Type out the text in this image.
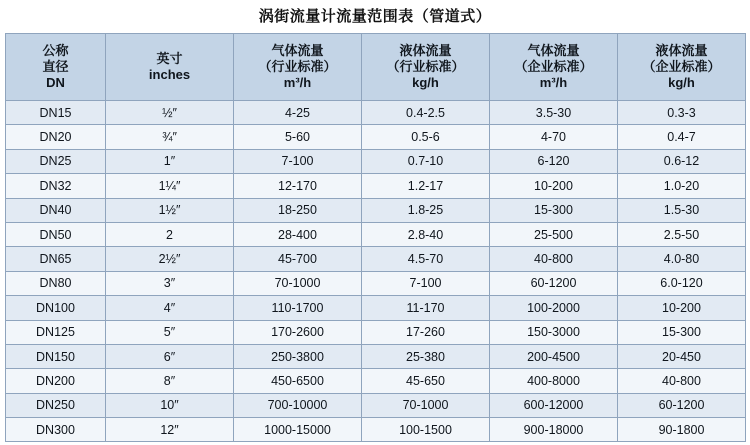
涡街流量计流量范围表（管道式）
公称
直径
DN	英寸
inches	气体流量
（行业标准）
m³/h	液体流量
（行业标准）
kg/h	气体流量
（企业标准）
m³/h	液体流量
（企业标准）
kg/h

DN15	½″	4-25	0.4-2.5	3.5-30	0.3-3
DN20	¾″	5-60	0.5-6	4-70	0.4-7
DN25	1″	7-100	0.7-10	6-120	0.6-12
DN32	1¼″	12-170	1.2-17	10-200	1.0-20
DN40	1½″	18-250	1.8-25	15-300	1.5-30
DN50	2	28-400	2.8-40	25-500	2.5-50
DN65	2½″	45-700	4.5-70	40-800	4.0-80
DN80	3″	70-1000	7-100	60-1200	6.0-120
DN100	4″	110-1700	11-170	100-2000	10-200
DN125	5″	170-2600	17-260	150-3000	15-300
DN150	6″	250-3800	25-380	200-4500	20-450
DN200	8″	450-6500	45-650	400-8000	40-800
DN250	10″	700-10000	70-1000	600-12000	60-1200
DN300	12″	1000-15000	100-1500	900-18000	90-1800
